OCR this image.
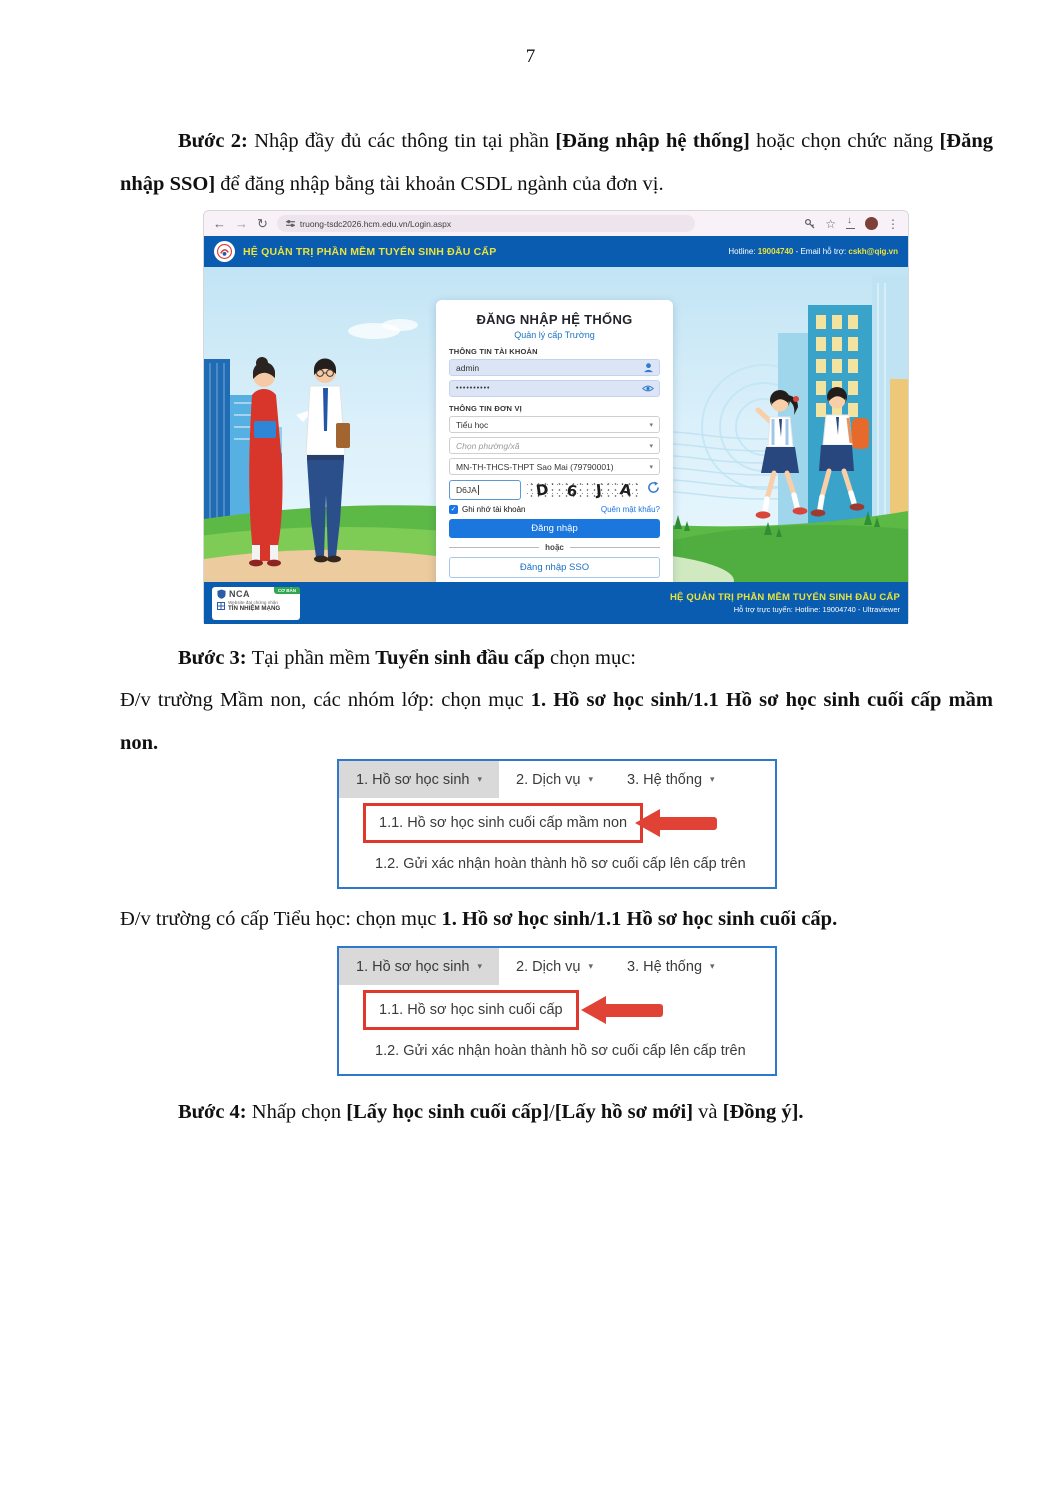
7

Bước 2: Nhập đầy đủ các thông tin tại phần [Đăng nhập hệ thống] hoặc chọn chức năng [Đăng nhập SSO] để đăng nhập bằng tài khoản CSDL ngành của đơn vị.

← → ↻	truong-tsdc2026.hcm.edu.vn/Login.aspx	☆ ↓	⋮
HỆ QUẢN TRỊ PHẦN MỀM TUYỂN SINH ĐẦU CẤP	Hotline: 19004740 - Email hỗ trợ: cskh@qig.vn
ĐĂNG NHẬP HỆ THỐNG
Quản lý cấp Trường
THÔNG TIN TÀI KHOẢN
admin
••••••••••
THÔNG TIN ĐƠN VỊ
Tiểu học	▾
Chọn phường/xã	▾
MN-TH-THCS-THPT Sao Mai (79790001)	▾
D6JA	D 6 J A
✓ Ghi nhớ tài khoản	Quên mật khẩu?
Đăng nhập
hoặc
Đăng nhập SSO
NCA	CƠ BẢN
Website đạt chứng nhận
TÍN NHIỆM MẠNG
HỆ QUẢN TRỊ PHẦN MỀM TUYỂN SINH ĐẦU CẤP
Hỗ trợ trực tuyến: Hotline: 19004740 - Ultraviewer

Bước 3: Tại phần mềm Tuyển sinh đầu cấp chọn mục:

Đ/v trường Mầm non, các nhóm lớp: chọn mục 1. Hồ sơ học sinh/1.1 Hồ sơ học sinh cuối cấp mầm non.

1. Hồ sơ học sinh ▾ 2. Dịch vụ ▾ 3. Hệ thống ▾
1.1. Hồ sơ học sinh cuối cấp mầm non
1.2. Gửi xác nhận hoàn thành hồ sơ cuối cấp lên cấp trên

Đ/v trường có cấp Tiểu học: chọn mục 1. Hồ sơ học sinh/1.1 Hồ sơ học sinh cuối cấp.

1. Hồ sơ học sinh ▾ 2. Dịch vụ ▾ 3. Hệ thống ▾
1.1. Hồ sơ học sinh cuối cấp
1.2. Gửi xác nhận hoàn thành hồ sơ cuối cấp lên cấp trên

Bước 4: Nhấp chọn [Lấy học sinh cuối cấp]/[Lấy hồ sơ mới] và [Đồng ý].
